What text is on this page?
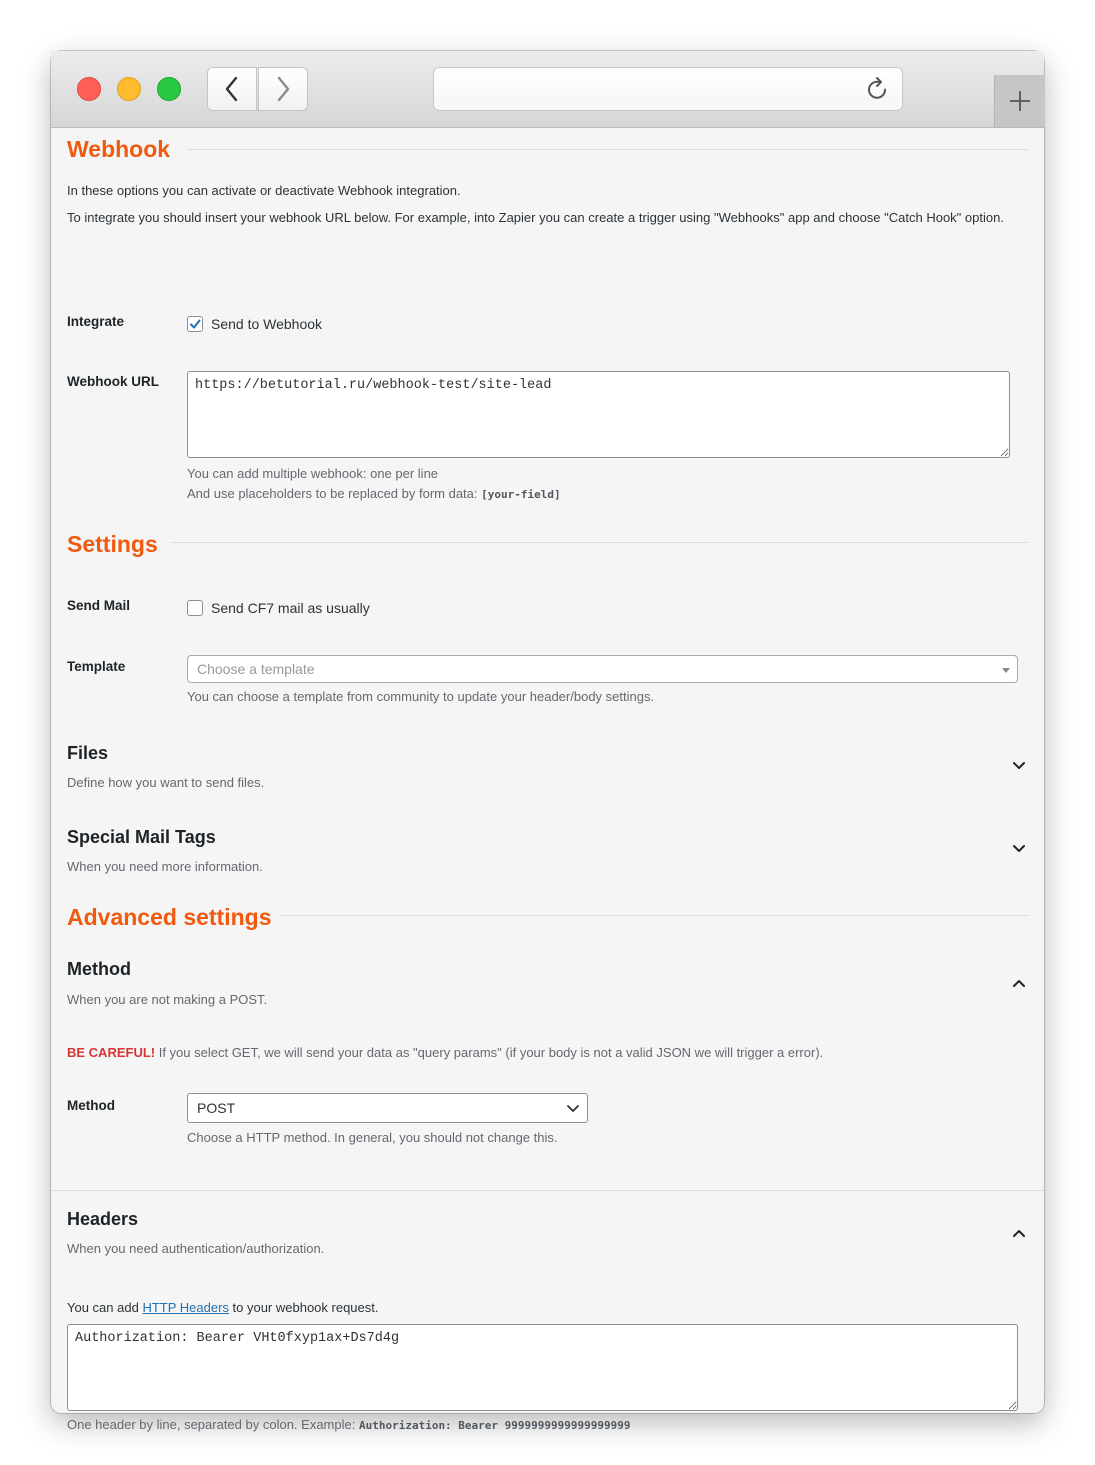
Webhook
In these options you can activate or deactivate Webhook integration.
To integrate you should insert your webhook URL below. For example, into Zapier you can create a trigger using "Webhooks" app and choose "Catch Hook" option.
Integrate	Send to Webhook
Webhook URL
https://betutorial.ru/webhook-test/site-lead
You can add multiple webhook: one per line
And use placeholders to be replaced by form data: [your-field]
Settings
Send Mail	Send CF7 mail as usually
Template	Choose a template
You can choose a template from community to update your header/body settings.
Files
Define how you want to send files.
Special Mail Tags
When you need more information.
Advanced settings
Method
When you are not making a POST.
BE CAREFUL! If you select GET, we will send your data as "query params" (if your body is not a valid JSON we will trigger a error).
Method	POST
Choose a HTTP method. In general, you should not change this.
Headers
When you need authentication/authorization.
You can add HTTP Headers to your webhook request.
Authorization: Bearer VHt0fxyp1ax+Ds7d4g
One header by line, separated by colon. Example: Authorization: Bearer 9999999999999999999
